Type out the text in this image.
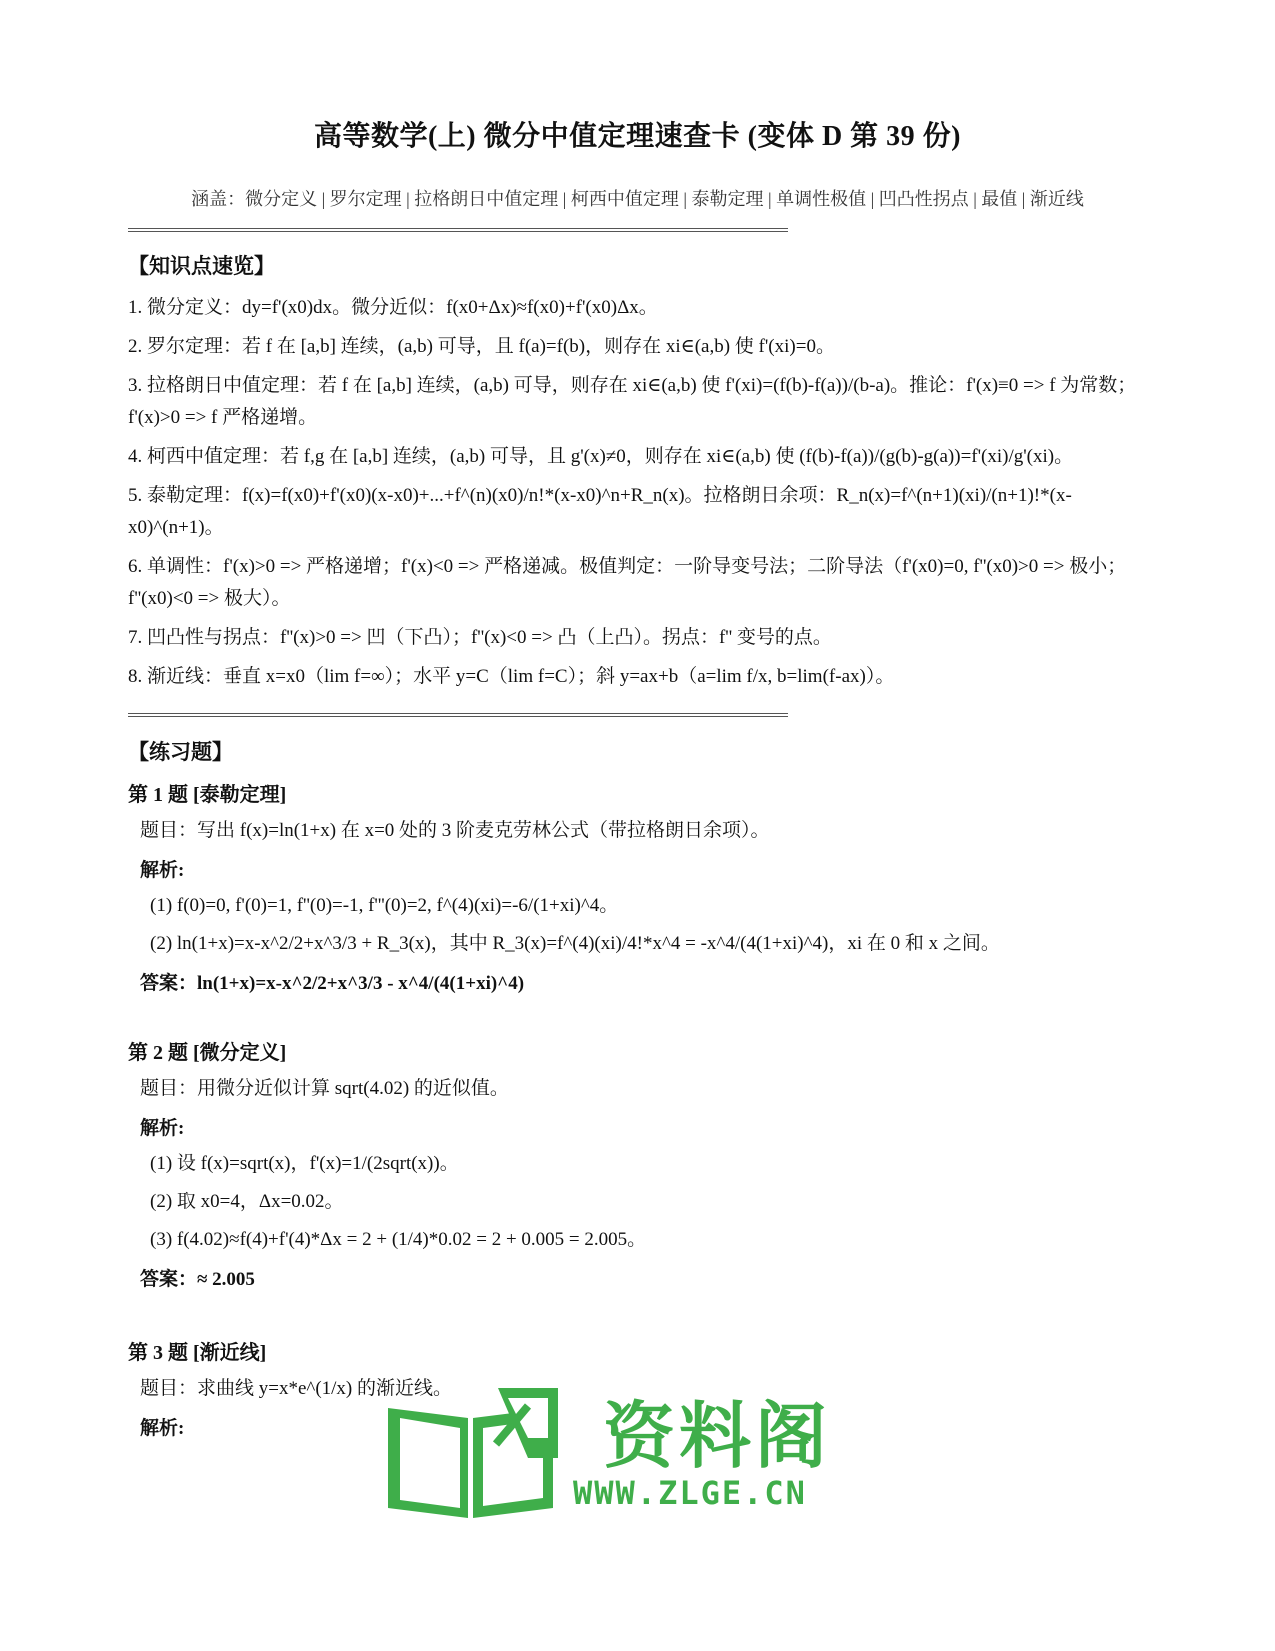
高等数学(上) 微分中值定理速查卡 (变体 D 第 39 份)
涵盖：微分定义 | 罗尔定理 | 拉格朗日中值定理 | 柯西中值定理 | 泰勒定理 | 单调性极值 | 凹凸性拐点 | 最值 | 渐近线

【知识点速览】

1. 微分定义：dy=f'(x0)dx。微分近似：f(x0+Δx)≈f(x0)+f'(x0)Δx。

2. 罗尔定理：若 f 在 [a,b] 连续，(a,b) 可导，且 f(a)=f(b)，则存在 xi∈(a,b) 使 f'(xi)=0。

3. 拉格朗日中值定理：若 f 在 [a,b] 连续，(a,b) 可导，则存在 xi∈(a,b) 使 f'(xi)=(f(b)-f(a))/(b-a)。推论：f'(x)≡0 => f 为常数；f'(x)>0 => f 严格递增。

4. 柯西中值定理：若 f,g 在 [a,b] 连续，(a,b) 可导，且 g'(x)≠0，则存在 xi∈(a,b) 使 (f(b)-f(a))/(g(b)-g(a))=f'(xi)/g'(xi)。

5. 泰勒定理：f(x)=f(x0)+f'(x0)(x-x0)+...+f^(n)(x0)/n!*(x-x0)^n+R_n(x)。拉格朗日余项：R_n(x)=f^(n+1)(xi)/(n+1)!*(x-x0)^(n+1)。

6. 单调性：f'(x)>0 => 严格递增；f'(x)<0 => 严格递减。极值判定：一阶导变号法；二阶导法（f'(x0)=0, f''(x0)>0 => 极小；f''(x0)<0 => 极大）。

7. 凹凸性与拐点：f''(x)>0 => 凹（下凸）；f''(x)<0 => 凸（上凸）。拐点：f'' 变号的点。

8. 渐近线：垂直 x=x0（lim f=∞）；水平 y=C（lim f=C）；斜 y=ax+b（a=lim f/x, b=lim(f-ax)）。

【练习题】

第 1 题 [泰勒定理]

题目：写出 f(x)=ln(1+x) 在 x=0 处的 3 阶麦克劳林公式（带拉格朗日余项）。

解析:

(1) f(0)=0, f'(0)=1, f''(0)=-1, f'''(0)=2, f^(4)(xi)=-6/(1+xi)^4。

(2) ln(1+x)=x-x^2/2+x^3/3 + R_3(x)，其中 R_3(x)=f^(4)(xi)/4!*x^4 = -x^4/(4(1+xi)^4)，xi 在 0 和 x 之间。

答案：ln(1+x)=x-x^2/2+x^3/3 - x^4/(4(1+xi)^4)

第 2 题 [微分定义]

题目：用微分近似计算 sqrt(4.02) 的近似值。

解析:

(1) 设 f(x)=sqrt(x)，f'(x)=1/(2sqrt(x))。

(2) 取 x0=4，Δx=0.02。

(3) f(4.02)≈f(4)+f'(4)*Δx = 2 + (1/4)*0.02 = 2 + 0.005 = 2.005。

答案：≈ 2.005

第 3 题 [渐近线]

题目：求曲线 y=x*e^(1/x) 的渐近线。

解析:	资料阁
WWW.ZLGE.CN
